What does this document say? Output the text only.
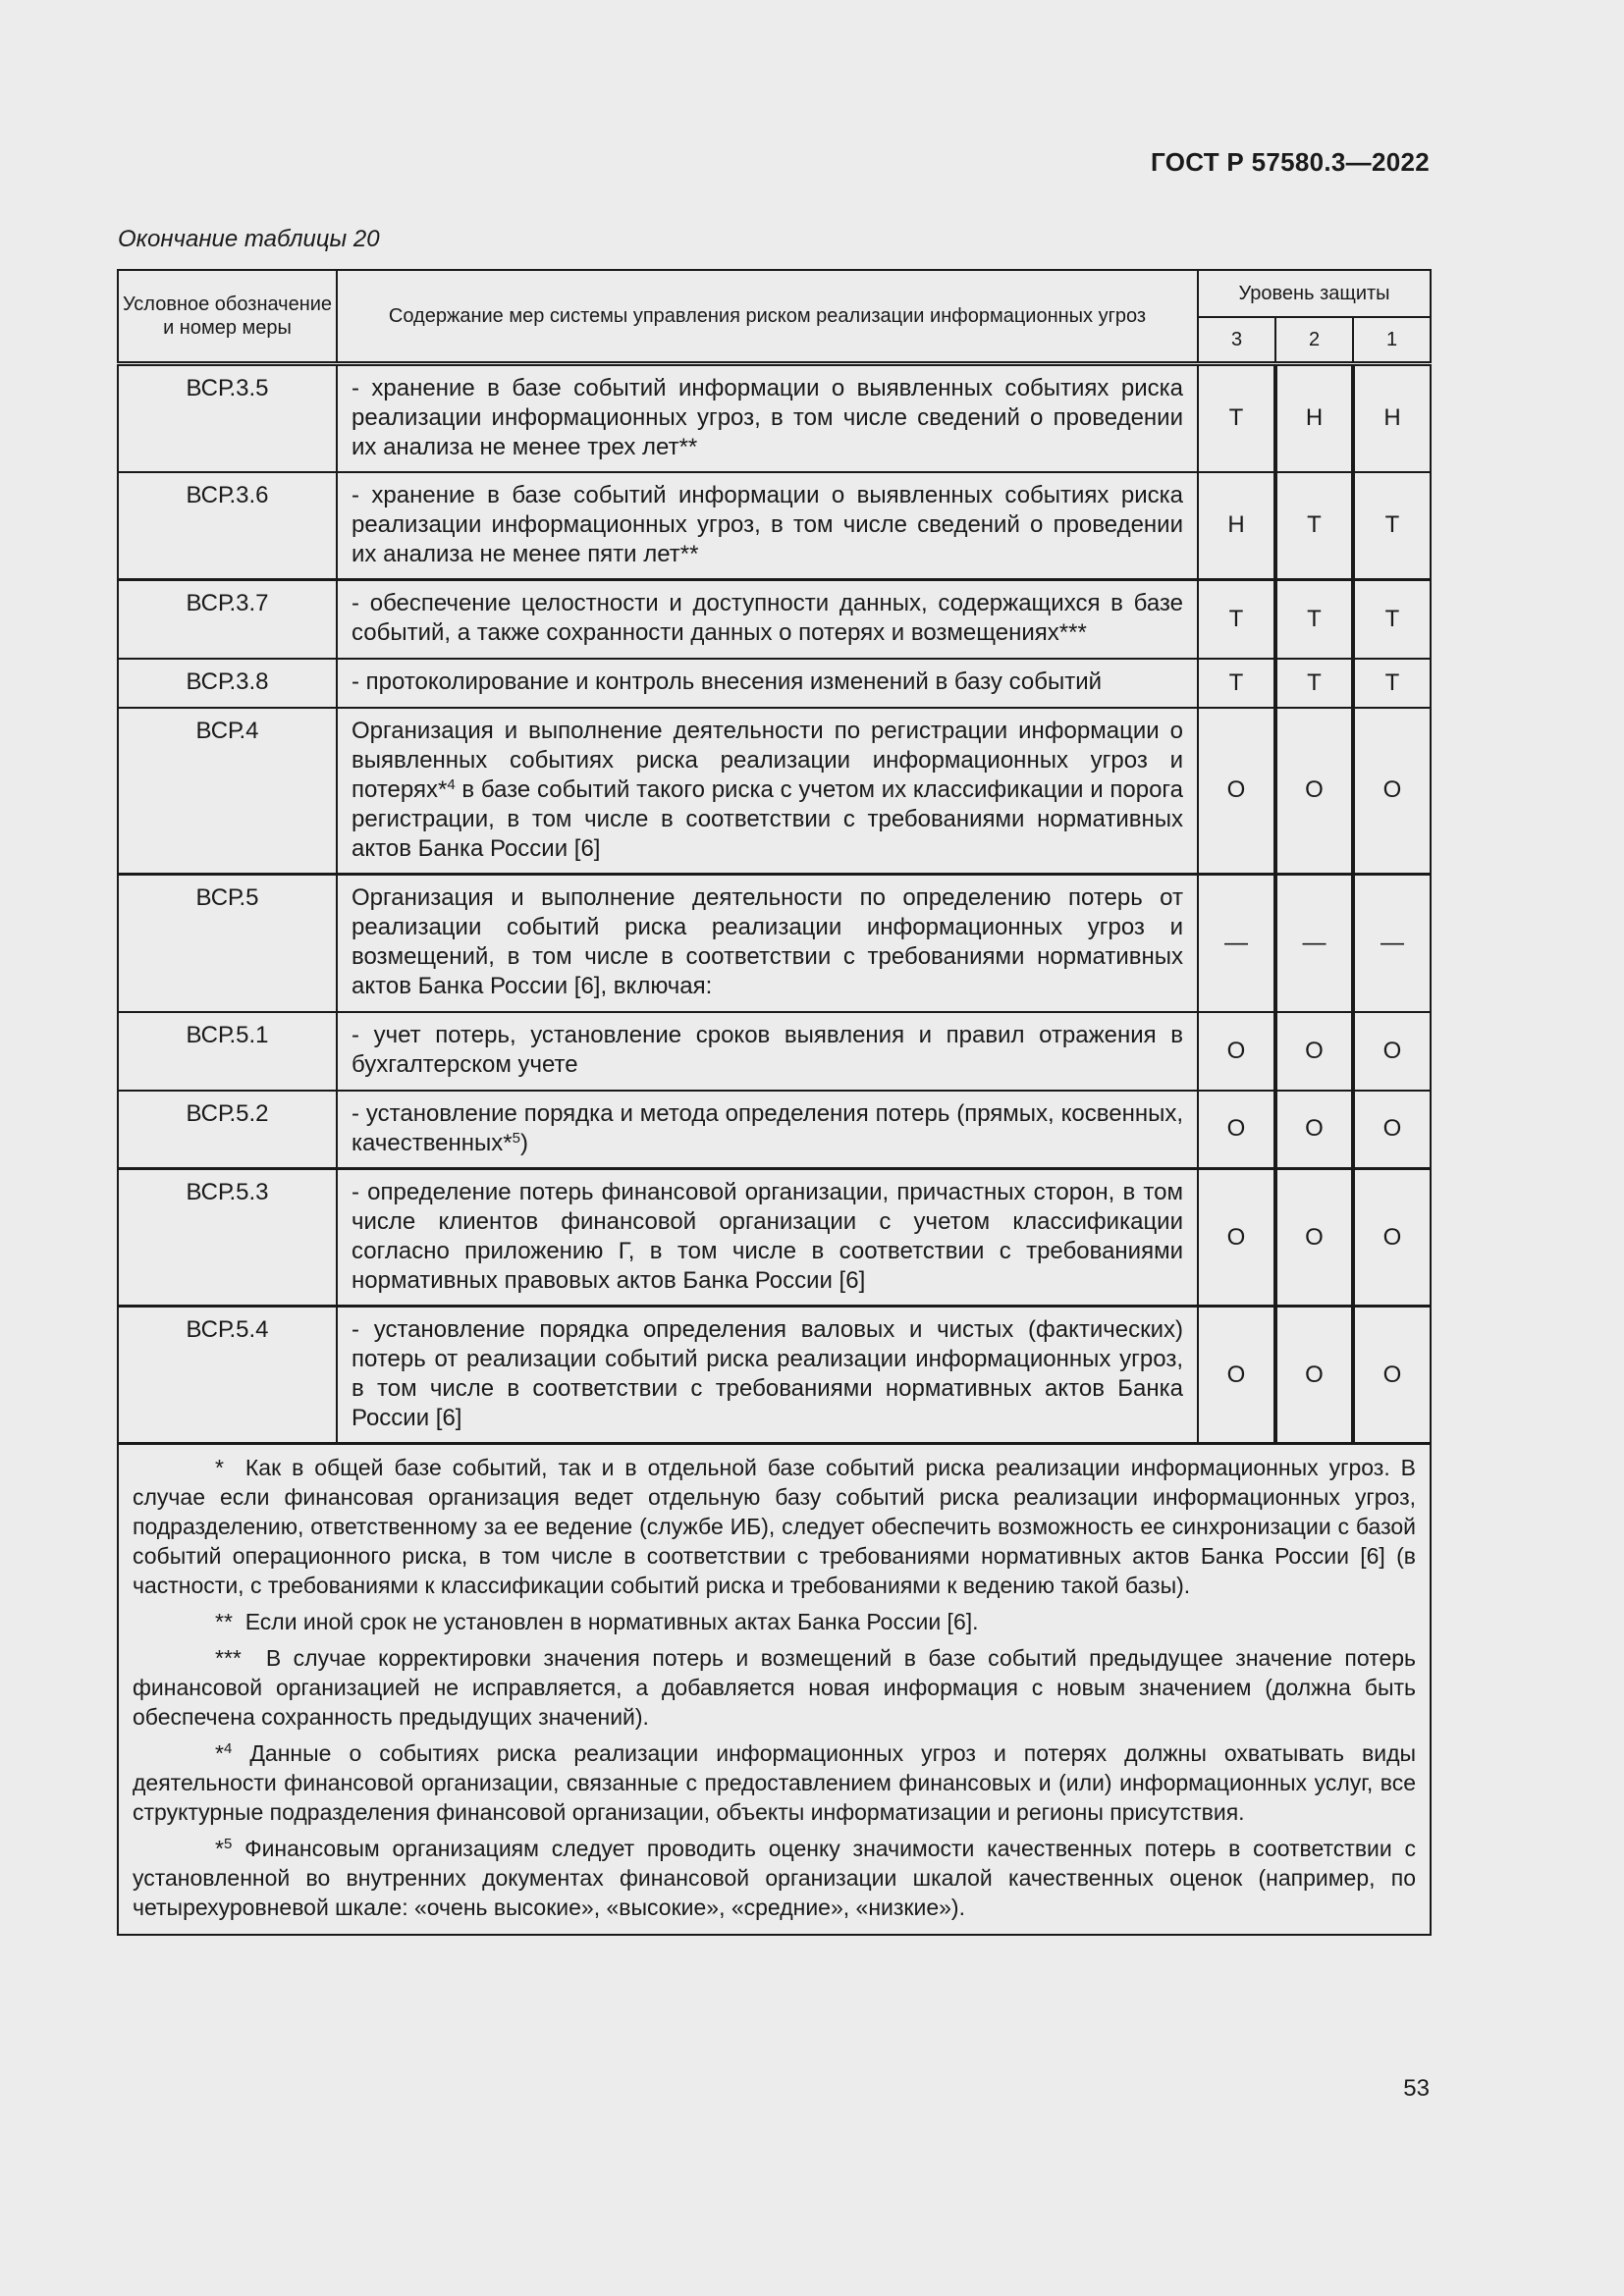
ГОСТ Р 57580.3—2022
Окончание таблицы 20
Условное обозначение и номер меры	Содержание мер системы управления риском реализации информационных угроз	Уровень защиты		
		3	2	1
ВСР.3.5	- хранение в базе событий информации о выявленных событиях риска реализации информационных угроз, в том числе сведений о проведении их анализа не менее трех лет**	Т	Н	Н
ВСР.3.6	- хранение в базе событий информации о выявленных событиях риска реализации информационных угроз, в том числе сведений о проведении их анализа не менее пяти лет**	Н	Т	Т
ВСР.3.7	- обеспечение целостности и доступности данных, содержащихся в базе событий, а также сохранности данных о потерях и возмещениях***	Т	Т	Т
ВСР.3.8	- протоколирование и контроль внесения изменений в базу событий	Т	Т	Т
ВСР.4	Организация и выполнение деятельности по регистрации информации о выявленных событиях риска реализации информационных угроз и потерях*$^4$ в базе событий такого риска с учетом их классификации и порога регистрации, в том числе в соответствии с требованиями нормативных актов Банка России [6]	О	О	О
ВСР.5	Организация и выполнение деятельности по определению потерь от реализации событий риска реализации информационных угроз и возмещений, в том числе в соответствии с требованиями нормативных актов Банка России [6], включая:	—	—	—
ВСР.5.1	- учет потерь, установление сроков выявления и правил отражения в бухгалтерском учете	О	О	О
ВСР.5.2	- установление порядка и метода определения потерь (прямых, косвенных, качественных*$^5$)	О	О	О
ВСР.5.3	- определение потерь финансовой организации, причастных сторон, в том числе клиентов финансовой организации с учетом классификации согласно приложению Г, в том числе в соответствии с требованиями нормативных правовых актов Банка России [6]	О	О	О
ВСР.5.4	- установление порядка определения валовых и чистых (фактических) потерь от реализации событий риска реализации информационных угроз, в том числе в соответствии с требованиями нормативных актов Банка России [6]	О	О	О

* Как в общей базе событий, так и в отдельной базе событий риска реализации информационных угроз. В случае если финансовая организация ведет отдельную базу событий риска реализации информационных угроз, подразделению, ответственному за ее ведение (службе ИБ), следует обеспечить возможность ее синхронизации с базой событий операционного риска, в том числе в соответствии с требованиями нормативных актов Банка России [6] (в частности, с требованиями к классификации событий риска и требованиями к ведению такой базы).

** Если иной срок не установлен в нормативных актах Банка России [6].

*** В случае корректировки значения потерь и возмещений в базе событий предыдущее значение потерь финансовой организацией не исправляется, а добавляется новая информация с новым значением (должна быть обеспечена сохранность предыдущих значений).

*$^4$ Данные о событиях риска реализации информационных угроз и потерях должны охватывать виды деятельности финансовой организации, связанные с предоставлением финансовых и (или) информационных услуг, все структурные подразделения финансовой организации, объекты информатизации и регионы присутствия.

*$^5$ Финансовым организациям следует проводить оценку значимости качественных потерь в соответствии с установленной во внутренних документах финансовой организации шкалой качественных оценок (например, по четырехуровневой шкале: «очень высокие», «высокие», «средние», «низкие»).				

53
